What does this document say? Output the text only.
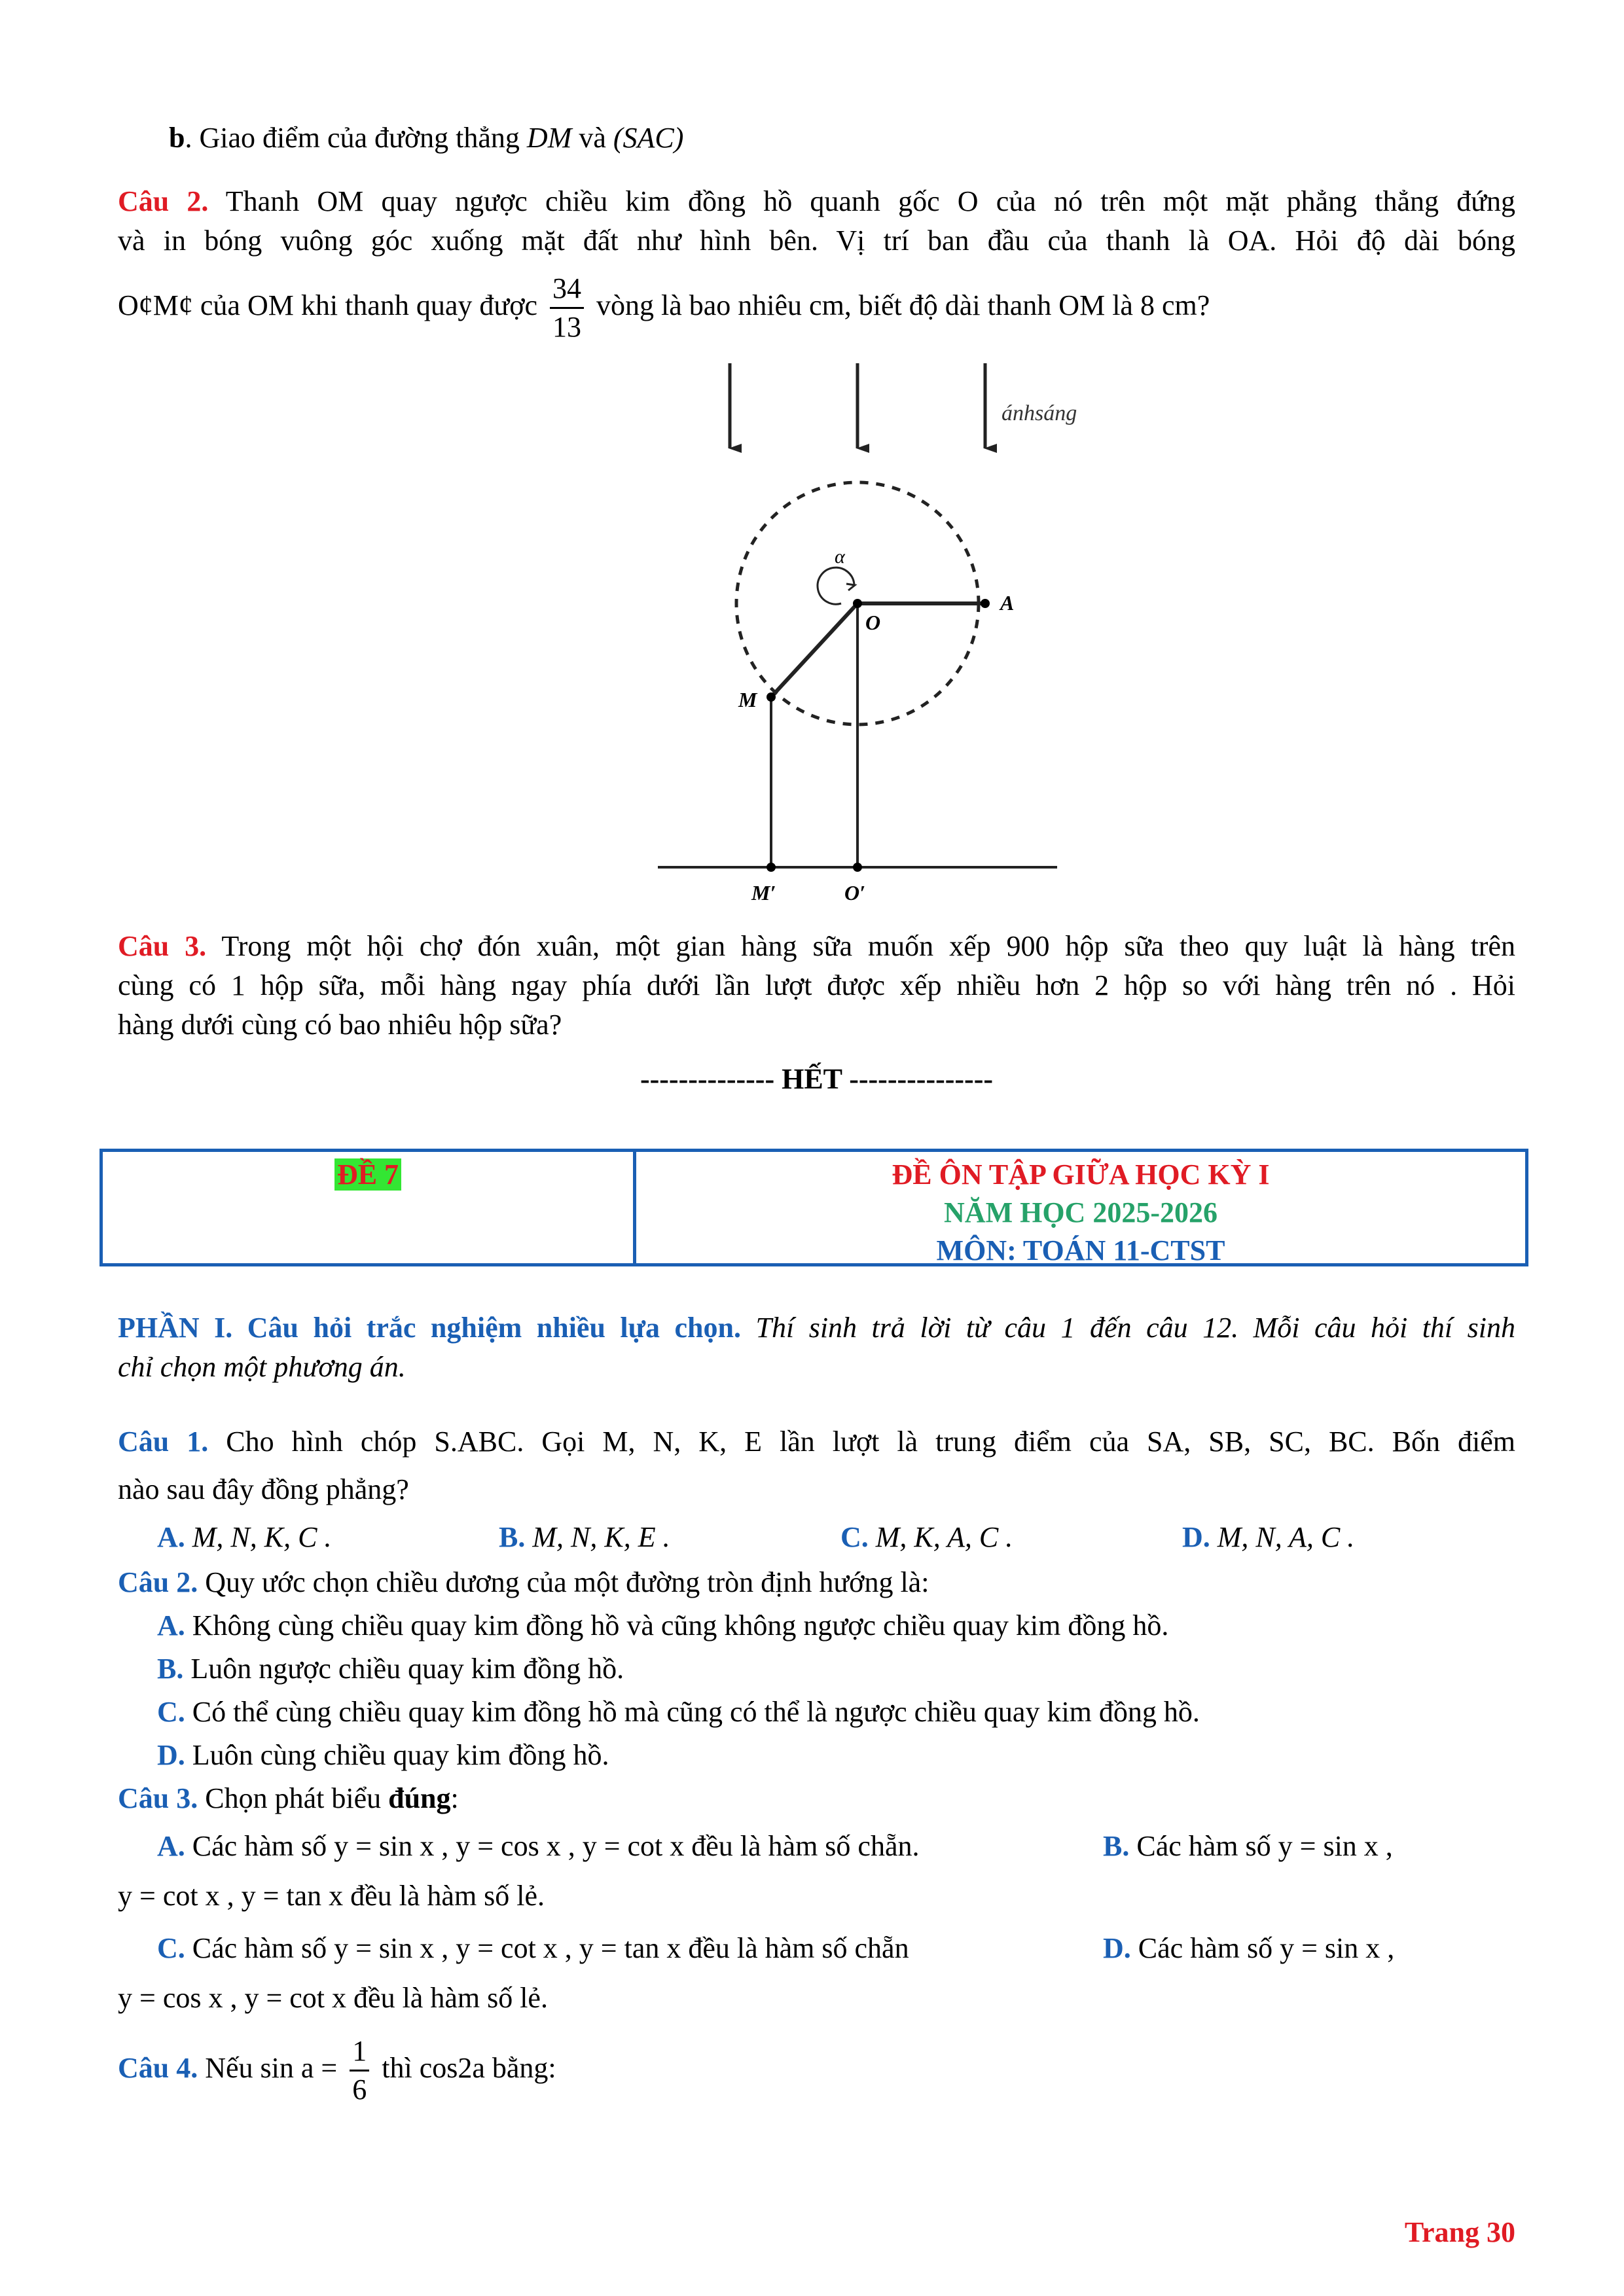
b. Giao điểm của đường thẳng DM và (SAC)
Câu 2. Thanh OM quay ngược chiều kim đồng hồ quanh gốc O của nó trên một mặt phẳng thẳng đứng
và in bóng vuông góc xuống mặt đất như hình bên. Vị trí ban đầu của thanh là OA. Hỏi độ dài bóng
O¢M¢ của OM khi thanh quay được $\frac{34}{13}$ vòng là bao nhiêu cm, biết độ dài thanh OM là 8 cm?
ánhsáng
α
O
A
M
M′	O′
Câu 3. Trong một hội chợ đón xuân, một gian hàng sữa muốn xếp 900 hộp sữa theo quy luật là hàng trên
cùng có 1 hộp sữa, mỗi hàng ngay phía dưới lần lượt được xếp nhiều hơn 2 hộp so với hàng trên nó . Hỏi
hàng dưới cùng có bao nhiêu hộp sữa?
-------------- HẾT ---------------
ĐỀ 7	ĐỀ ÔN TẬP GIỮA HỌC KỲ I
NĂM HỌC 2025-2026
MÔN: TOÁN 11-CTST
PHẦN I. Câu hỏi trắc nghiệm nhiều lựa chọn. Thí sinh trả lời từ câu 1 đến câu 12. Mỗi câu hỏi thí sinh
chỉ chọn một phương án.
Câu 1. Cho hình chóp S.ABC. Gọi M, N, K, E lần lượt là trung điểm của SA, SB, SC, BC. Bốn điểm
nào sau đây đồng phẳng?
A. M, N, K, C .	B. M, N, K, E .	C. M, K, A, C .	D. M, N, A, C .
Câu 2. Quy ước chọn chiều dương của một đường tròn định hướng là:
A. Không cùng chiều quay kim đồng hồ và cũng không ngược chiều quay kim đồng hồ.
B. Luôn ngược chiều quay kim đồng hồ.
C. Có thể cùng chiều quay kim đồng hồ mà cũng có thể là ngược chiều quay kim đồng hồ.
D. Luôn cùng chiều quay kim đồng hồ.
Câu 3. Chọn phát biểu đúng:
A. Các hàm số y = sin x , y = cos x , y = cot x đều là hàm số chẵn.	B. Các hàm số y = sin x ,
y = cot x , y = tan x đều là hàm số lẻ.
C. Các hàm số y = sin x , y = cot x , y = tan x đều là hàm số chẵn	D. Các hàm số y = sin x ,
y = cos x , y = cot x đều là hàm số lẻ.
Câu 4. Nếu $\sin a = \frac{1}{6}$ thì cos2a bằng:
Trang 30
